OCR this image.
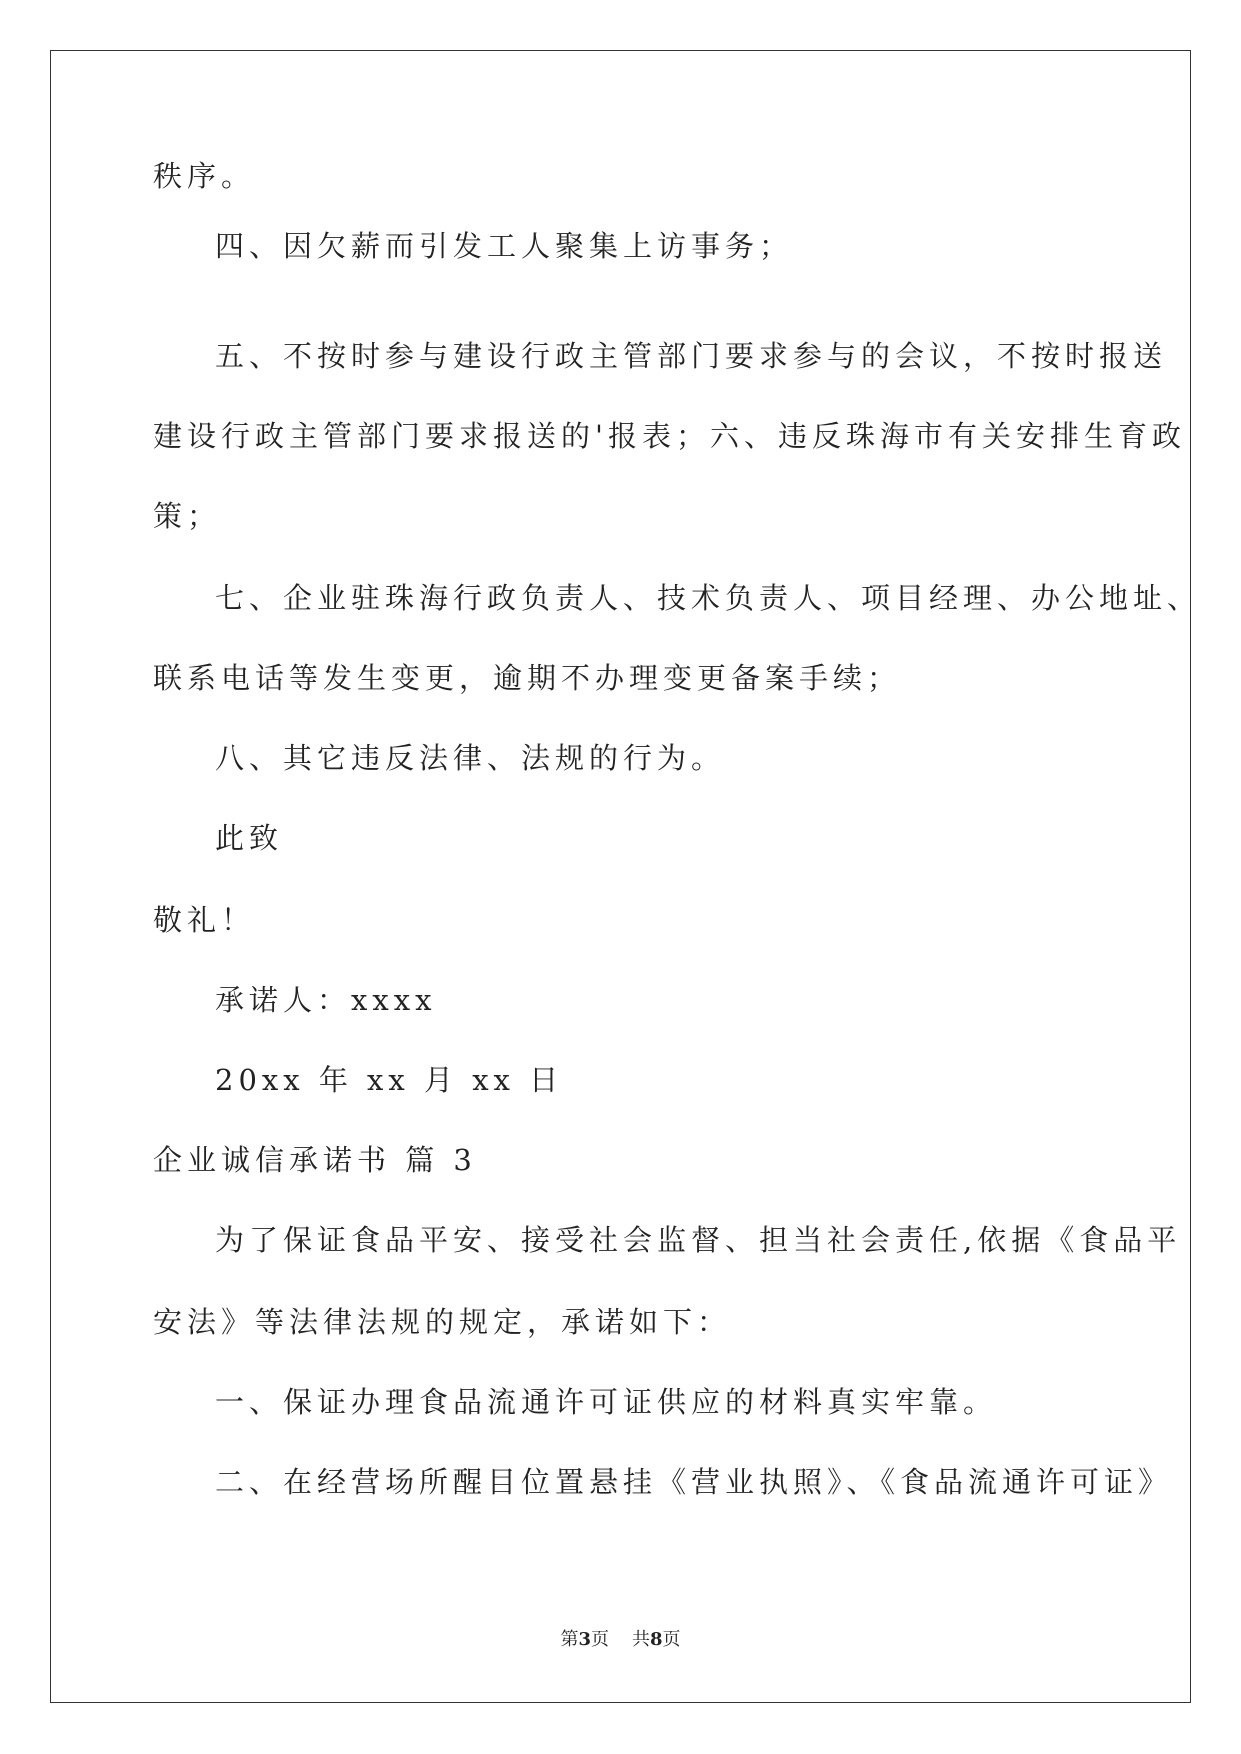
秩序。
四、因欠薪而引发工人聚集上访事务；
五、不按时参与建设行政主管部门要求参与的会议，不按时报送
建设行政主管部门要求报送的'报表；六、违反珠海市有关安排生育政
策；
七、企业驻珠海行政负责人、技术负责人、项目经理、办公地址、
联系电话等发生变更，逾期不办理变更备案手续；
八、其它违反法律、法规的行为。
此致
敬礼！
承诺人：xxxx
20xx 年 xx 月 xx 日
企业诚信承诺书 篇 3
为了保证食品平安、接受社会监督、担当社会责任,依据《食品平
安法》等法律法规的规定，承诺如下：
一、保证办理食品流通许可证供应的材料真实牢靠。
二、在经营场所醒目位置悬挂《营业执照》、《食品流通许可证》
第3页 共8页
